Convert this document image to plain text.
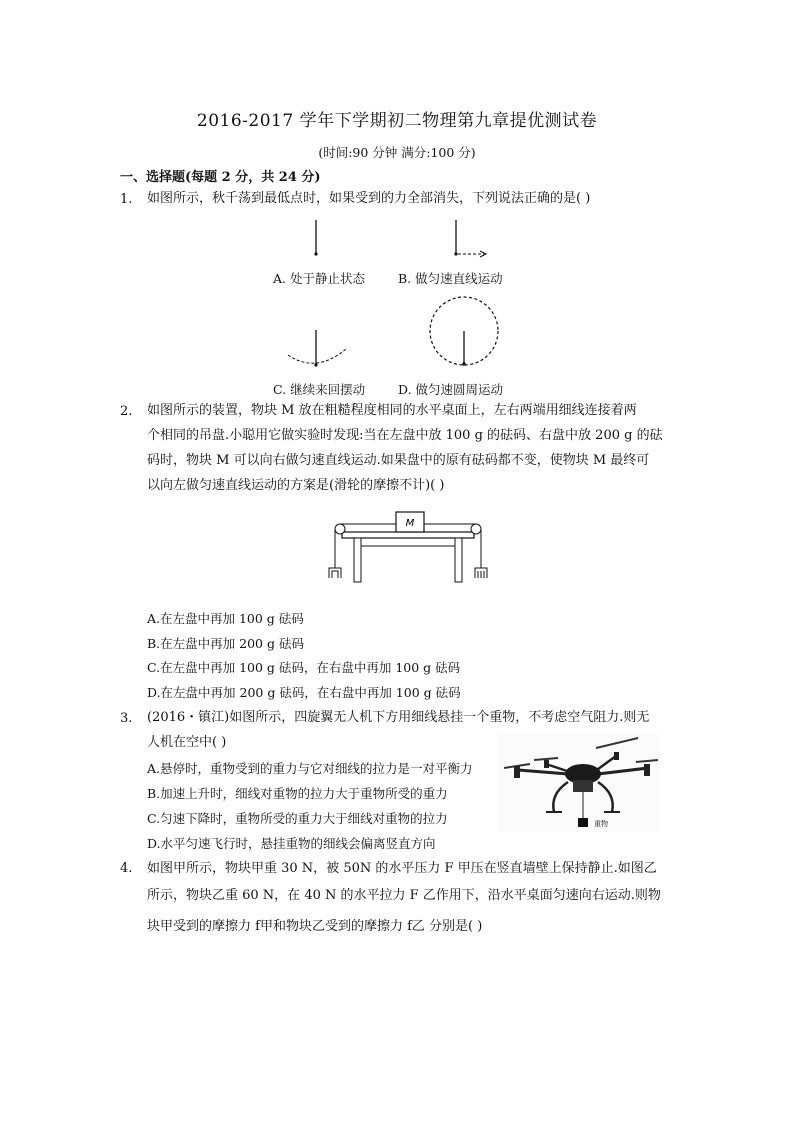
2016-2017 学年下学期初二物理第九章提优测试卷
(时间:90 分钟 满分:100 分)
一、选择题(每题 2 分，共 24 分)
1. 如图所示，秋千荡到最低点时，如果受到的力全部消失，下列说法正确的是( )
A. 处于静止状态	B. 做匀速直线运动
C. 继续来回摆动	D. 做匀速圆周运动
2. 如图所示的装置，物块 M 放在粗糙程度相同的水平桌面上，左右两端用细线连接着两
个相同的吊盘.小聪用它做实验时发现:当在左盘中放 100 g 的砝码、右盘中放 200 g 的砝
码时，物块 M 可以向右做匀速直线运动.如果盘中的原有砝码都不变，使物块 M 最终可
以向左做匀速直线运动的方案是(滑轮的摩擦不计)( )
M
A.在左盘中再加 100 g 砝码
B.在左盘中再加 200 g 砝码
C.在左盘中再加 100 g 砝码，在右盘中再加 100 g 砝码
D.在左盘中再加 200 g 砝码，在右盘中再加 100 g 砝码
3. (2016・镇江)如图所示，四旋翼无人机下方用细线悬挂一个重物，不考虑空气阻力.则无
人机在空中( )
重物
A.悬停时，重物受到的重力与它对细线的拉力是一对平衡力
B.加速上升时，细线对重物的拉力大于重物所受的重力
C.匀速下降时，重物所受的重力大于细线对重物的拉力
D.水平匀速飞行时，悬挂重物的细线会偏离竖直方向
4. 如图甲所示，物块甲重 30 N，被 50N 的水平压力 F 甲压在竖直墙壁上保持静止.如图乙
所示，物块乙重 60 N，在 40 N 的水平拉力 F 乙作用下，沿水平桌面匀速向右运动.则物
块甲受到的摩擦力 f甲和物块乙受到的摩擦力 f乙 分别是( )
